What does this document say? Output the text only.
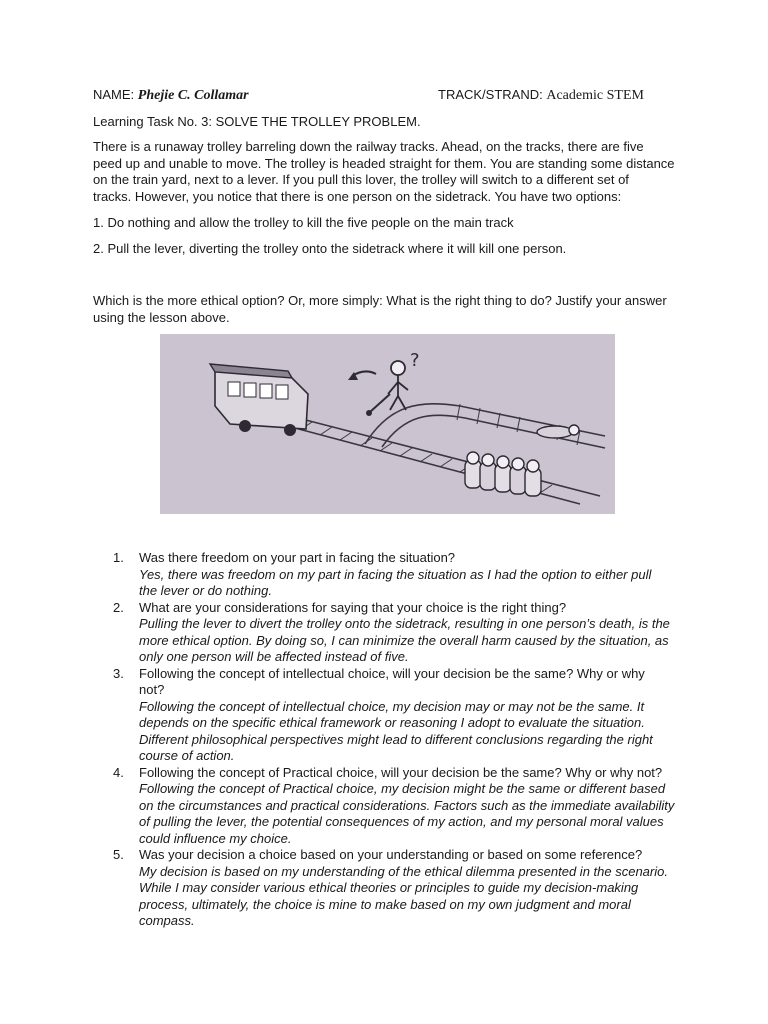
NAME: Phejie C. Collamar	TRACK/STRAND: Academic STEM
Learning Task No. 3: SOLVE THE TROLLEY PROBLEM.
There is a runaway trolley barreling down the railway tracks. Ahead, on the tracks, there are five
peed up and unable to move. The trolley is headed straight for them. You are standing some distance
on the train yard, next to a lever. If you pull this lover, the trolley will switch to a different set of
tracks. However, you notice that there is one person on the sidetrack. You have two options:
1. Do nothing and allow the trolley to kill the five people on the main track
2. Pull the lever, diverting the trolley onto the sidetrack where it will kill one person.
Which is the more ethical option? Or, more simply: What is the right thing to do? Justify your answer
using the lesson above.
?
1. Was there freedom on your part in facing the situation?
Yes, there was freedom on my part in facing the situation as I had the option to either pull
the lever or do nothing.
2. What are your considerations for saying that your choice is the right thing?
Pulling the lever to divert the trolley onto the sidetrack, resulting in one person’s death, is the
more ethical option. By doing so, I can minimize the overall harm caused by the situation, as
only one person will be affected instead of five.
3. Following the concept of intellectual choice, will your decision be the same? Why or why
not?
Following the concept of intellectual choice, my decision may or may not be the same. It
depends on the specific ethical framework or reasoning I adopt to evaluate the situation.
Different philosophical perspectives might lead to different conclusions regarding the right
course of action.
4. Following the concept of Practical choice, will your decision be the same? Why or why not?
Following the concept of Practical choice, my decision might be the same or different based
on the circumstances and practical considerations. Factors such as the immediate availability
of pulling the lever, the potential consequences of my action, and my personal moral values
could influence my choice.
5. Was your decision a choice based on your understanding or based on some reference?
My decision is based on my understanding of the ethical dilemma presented in the scenario.
While I may consider various ethical theories or principles to guide my decision-making
process, ultimately, the choice is mine to make based on my own judgment and moral
compass.
